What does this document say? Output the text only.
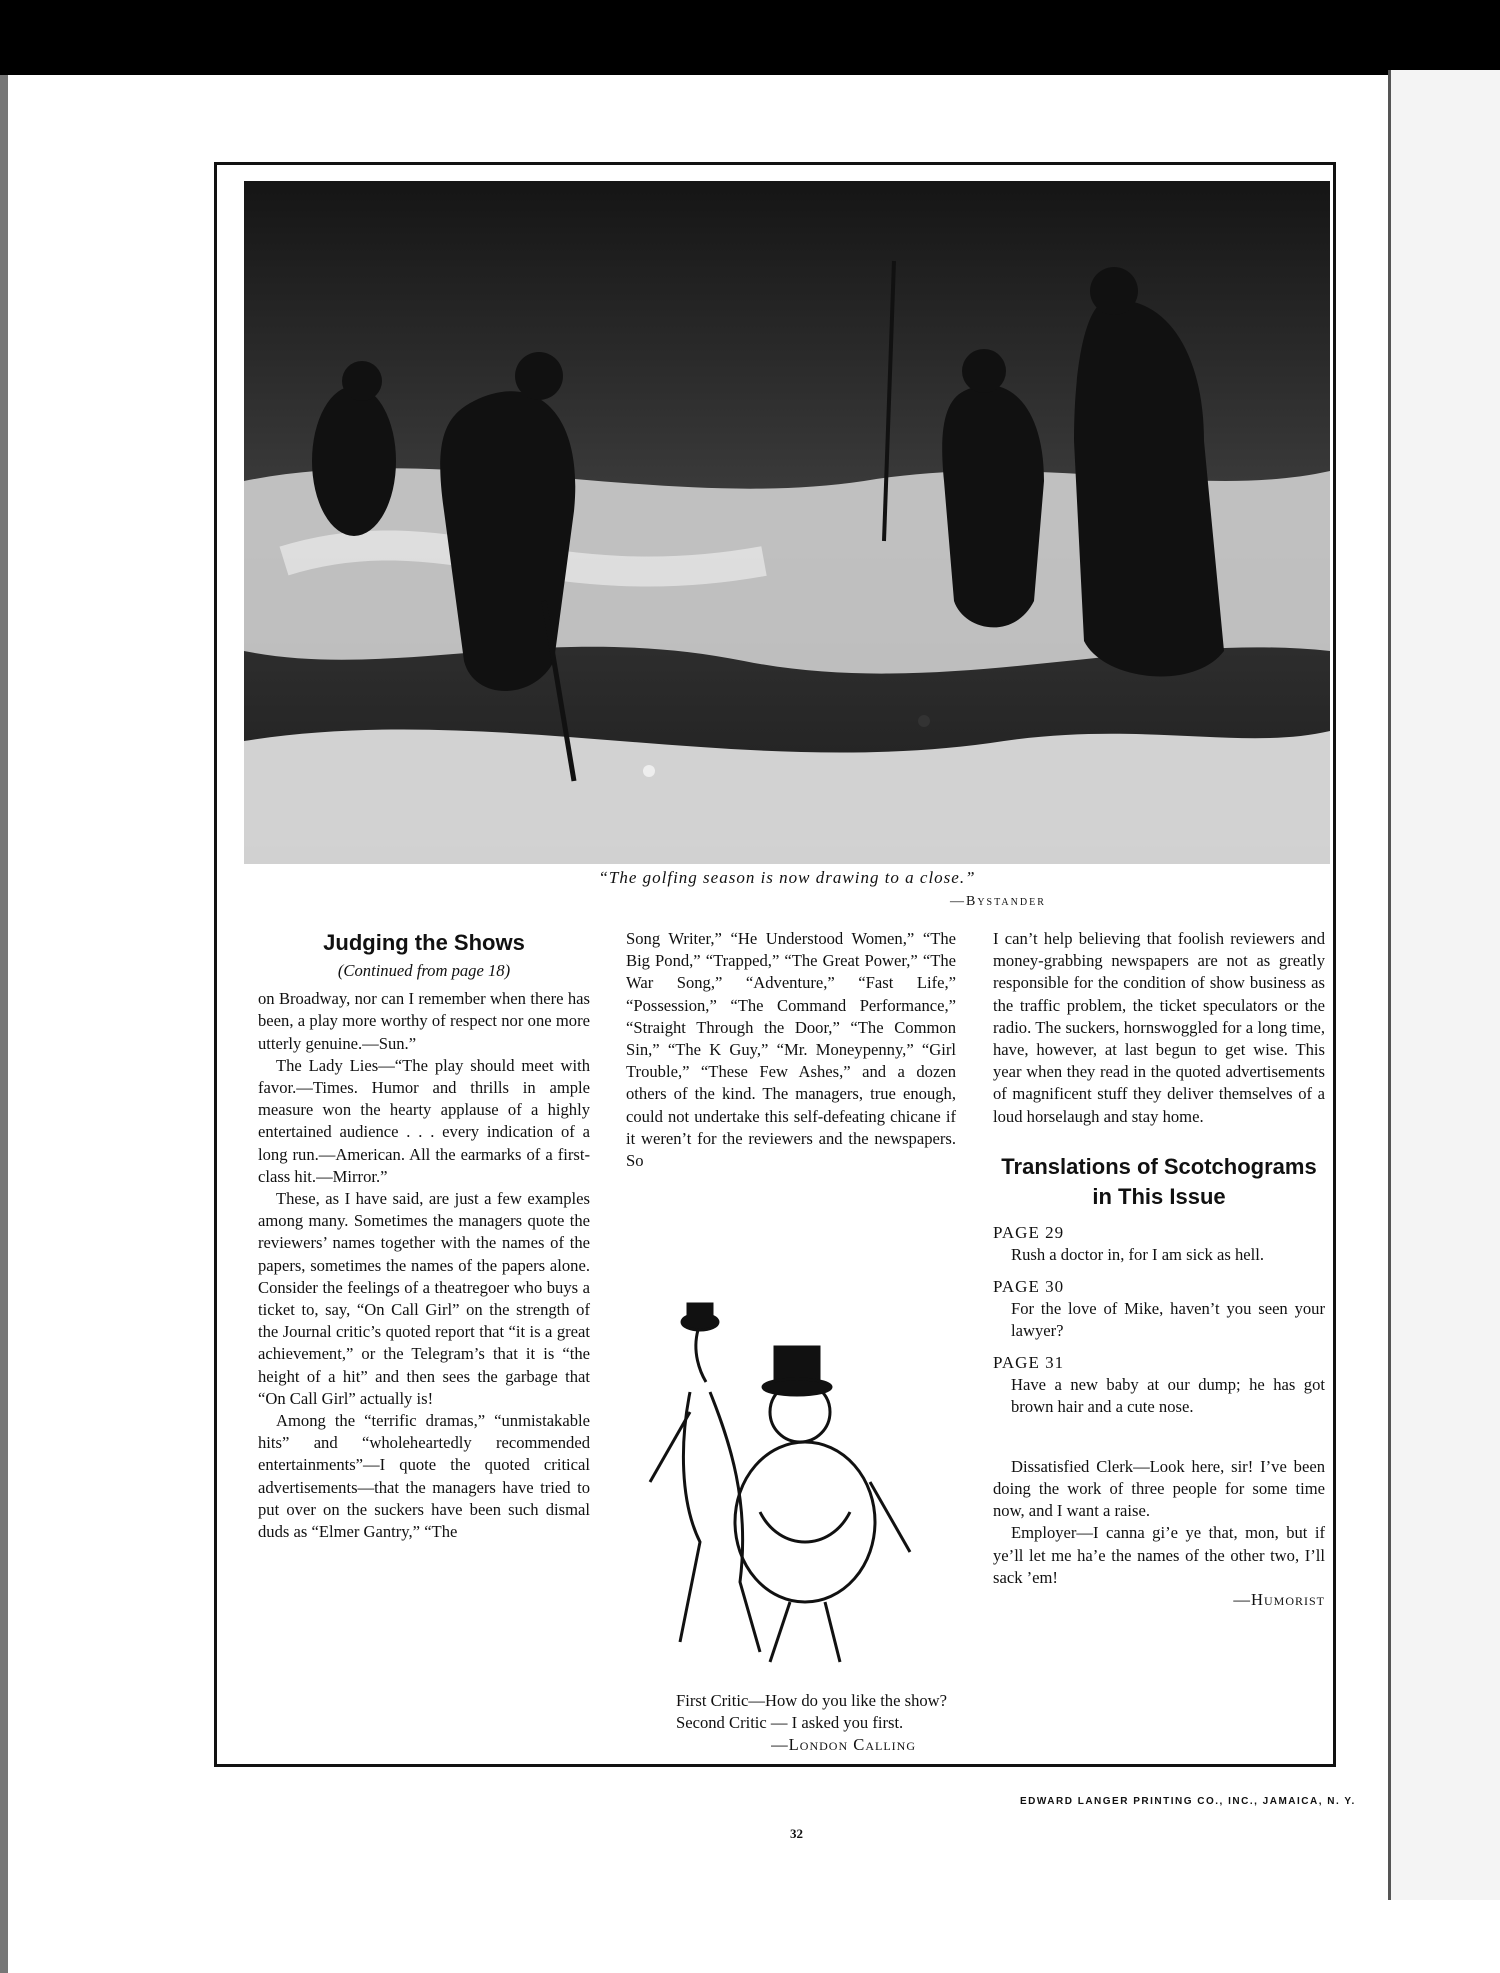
“The golfing season is now drawing to a close.”
—Bystander
Judging the Shows
(Continued from page 18)

on Broadway, nor can I remember when there has been, a play more worthy of respect nor one more utterly genuine.—Sun.”

The Lady Lies—“The play should meet with favor.—Times. Humor and thrills in ample measure won the hearty applause of a highly entertained audience . . . every indication of a long run.—American. All the earmarks of a first-class hit.—Mirror.”

These, as I have said, are just a few examples among many. Sometimes the managers quote the reviewers’ names together with the names of the papers, sometimes the names of the papers alone. Consider the feelings of a theatregoer who buys a ticket to, say, “On Call Girl” on the strength of the Journal critic’s quoted report that “it is a great achievement,” or the Telegram’s that it is “the height of a hit” and then sees the garbage that “On Call Girl” actually is!

Among the “terrific dramas,” “unmistakable hits” and “wholeheartedly recommended entertainments”—I quote the quoted critical advertisements—that the managers have tried to put over on the suckers have been such dismal duds as “Elmer Gantry,” “The

Song Writer,” “He Understood Women,” “The Big Pond,” “Trapped,” “The Great Power,” “The War Song,” “Adventure,” “Fast Life,” “Possession,” “The Command Performance,” “Straight Through the Door,” “The Common Sin,” “The K Guy,” “Mr. Moneypenny,” “Girl Trouble,” “These Few Ashes,” and a dozen others of the kind. The managers, true enough, could not undertake this self-defeating chicane if it weren’t for the reviewers and the newspapers. So

First Critic—How do you like the show?

Second Critic — I asked you first.

—London Calling

I can’t help believing that foolish reviewers and money-grabbing newspapers are not as greatly responsible for the condition of show business as the traffic problem, the ticket speculators or the radio. The suckers, hornswoggled for a long time, have, however, at last begun to get wise. This year when they read in the quoted advertisements of magnificent stuff they deliver themselves of a loud horselaugh and stay home.

Translations of Scotchograms in This Issue
PAGE 29
Rush a doctor in, for I am sick as hell.
PAGE 30
For the love of Mike, haven’t you seen your lawyer?
PAGE 31
Have a new baby at our dump; he has got brown hair and a cute nose.

Dissatisfied Clerk—Look here, sir! I’ve been doing the work of three people for some time now, and I want a raise.

Employer—I canna gi’e ye that, mon, but if ye’ll let me ha’e the names of the other two, I’ll sack ’em!

—Humorist
EDWARD LANGER PRINTING CO., INC., JAMAICA, N. Y.
32
comicbooks.com
